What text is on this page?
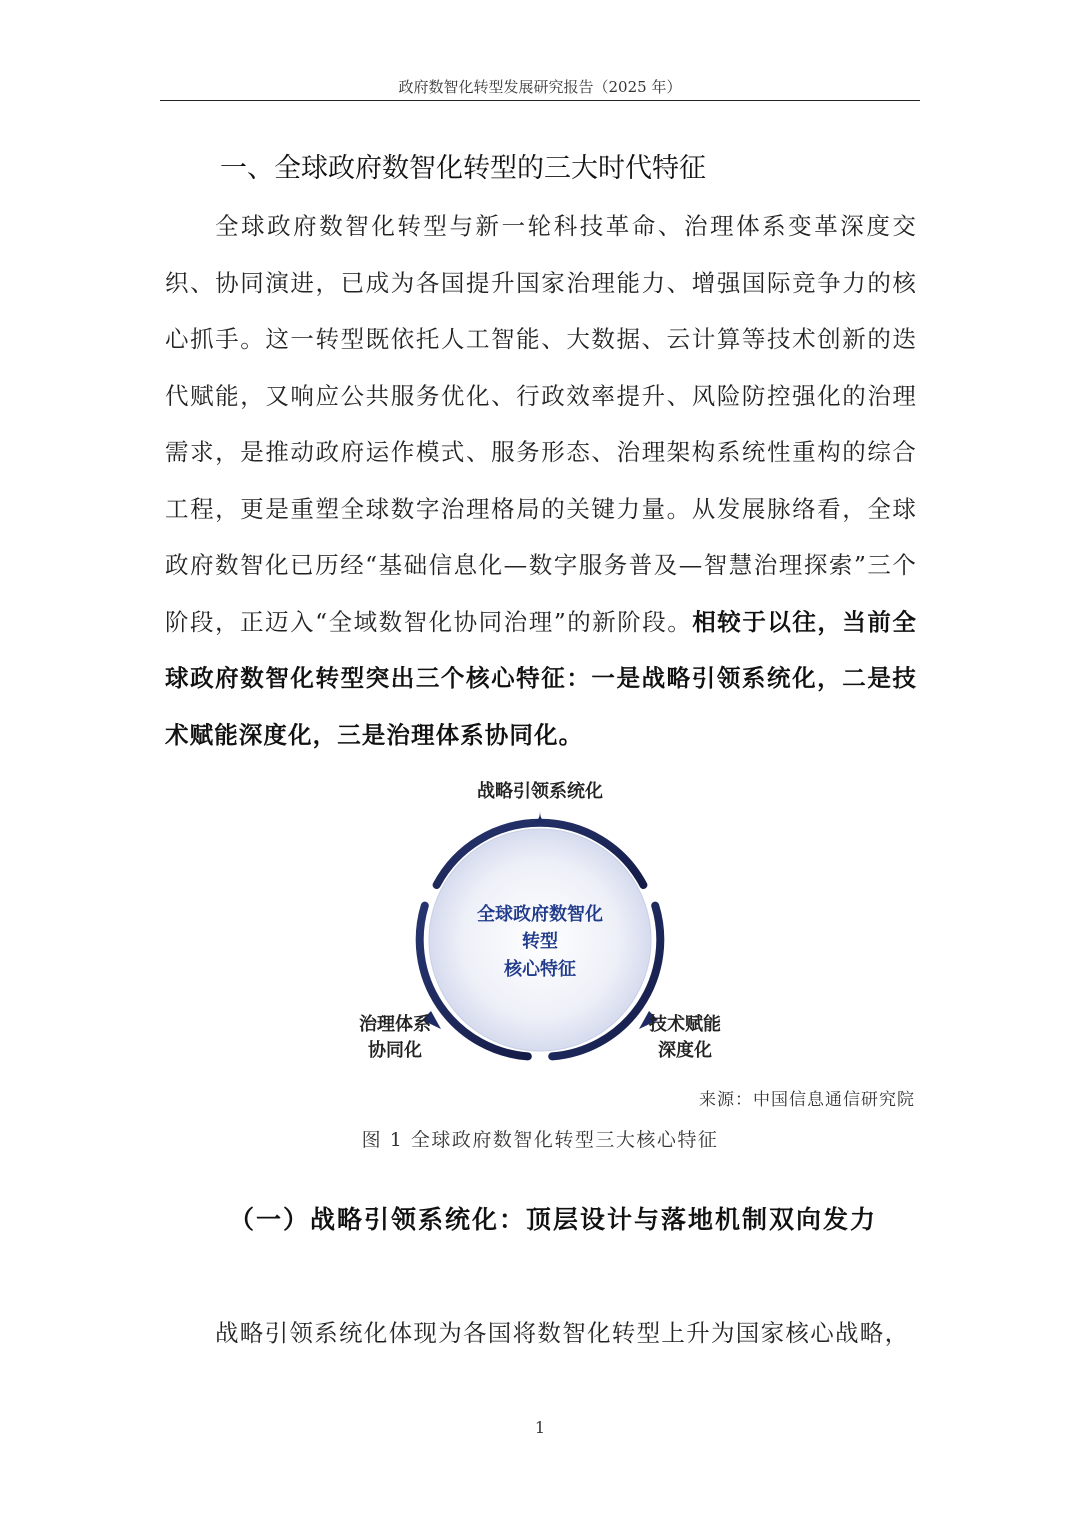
政府数智化转型发展研究报告（2025 年）
一、全球政府数智化转型的三大时代特征

全球政府数智化转型与新一轮科技革命、治理体系变革深度交织、协同演进，已成为各国提升国家治理能力、增强国际竞争力的核心抓手。这一转型既依托人工智能、大数据、云计算等技术创新的迭代赋能，又响应公共服务优化、行政效率提升、风险防控强化的治理需求，是推动政府运作模式、服务形态、治理架构系统性重构的综合工程，更是重塑全球数字治理格局的关键力量。从发展脉络看，全球政府数智化已历经“基础信息化—数字服务普及—智慧治理探索”三个阶段，正迈入“全域数智化协同治理”的新阶段。相较于以往，当前全球政府数智化转型突出三个核心特征：一是战略引领系统化，二是技术赋能深度化，三是治理体系协同化。

全球政府数智化
转型
核心特征
战略引领系统化
治理体系
协同化
技术赋能
深度化
来源：中国信息通信研究院
图 1 全球政府数智化转型三大核心特征

（一）战略引领系统化：顶层设计与落地机制双向发力

战略引领系统化体现为各国将数智化转型上升为国家核心战略，

1
